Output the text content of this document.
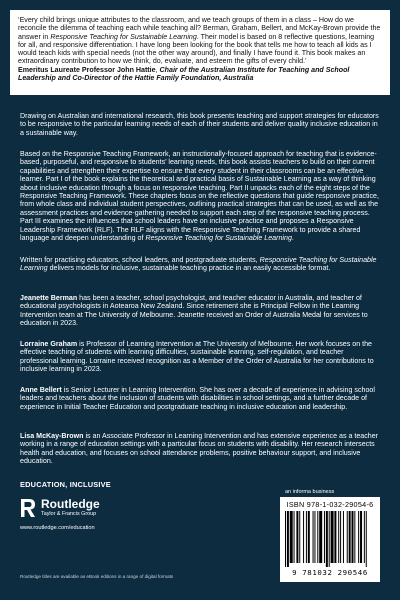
‘Every child brings unique attributes to the classroom, and we teach groups of them in a class – How do we reconcile the dilemma of teaching each while teaching all? Berman, Graham, Bellert, and McKay-Brown provide the answer in Responsive Teaching for Sustainable Learning. Their model is based on 8 reflective questions, learning for all, and responsive differentiation. I have long been looking for the book that tells me how to teach all kids as I would teach kids with special needs (not the other way around), and finally I have found it. This book makes an extraordinary contribution to how we think, do, evaluate, and esteem the gifts of every child.’

Emeritus Laureate Professor John Hattie, Chair of the Australian Institute for Teaching and School Leadership and Co-Director of the Hattie Family Foundation, Australia

Drawing on Australian and international research, this book presents teaching and support strategies for educators to be responsive to the particular learning needs of each of their students and deliver quality inclusive education in a sustainable way.

Based on the Responsive Teaching Framework, an instructionally-focused approach for teaching that is evidence-based, purposeful, and responsive to students’ learning needs, this book assists teachers to build on their current capabilities and strengthen their expertise to ensure that every student in their classrooms can be an effective learner. Part I of the book explains the theoretical and practical basis of Sustainable Learning as a way of thinking about inclusive education through a focus on responsive teaching. Part II unpacks each of the eight steps of the Responsive Teaching Framework. These chapters focus on the reflective questions that guide responsive practice, from whole class and individual student perspectives, outlining practical strategies that can be used, as well as the assessment practices and evidence-gathering needed to support each step of the responsive teaching process. Part III examines the influences that school leaders have on inclusive practice and proposes a Responsive Leadership Framework (RLF). The RLF aligns with the Responsive Teaching Framework to provide a shared language and deepen understanding of Responsive Teaching for Sustainable Learning.

Written for practising educators, school leaders, and postgraduate students, Responsive Teaching for Sustainable Learning delivers models for inclusive, sustainable teaching practice in an easily accessible format.

Jeanette Berman has been a teacher, school psychologist, and teacher educator in Australia, and teacher of educational psychologists in Aotearoa New Zealand. Since retirement she is Principal Fellow in the Learning Intervention team at The University of Melbourne. Jeanette received an Order of Australia Medal for services to education in 2023.

Lorraine Graham is Professor of Learning Intervention at The University of Melbourne. Her work focuses on the effective teaching of students with learning difficulties, sustainable learning, self-regulation, and teacher professional learning. Lorraine received recognition as a Member of the Order of Australia for her contributions to inclusive learning in 2023.

Anne Bellert is Senior Lecturer in Learning Intervention. She has over a decade of experience in advising school leaders and teachers about the inclusion of students with disabilities in school settings, and a further decade of experience in Initial Teacher Education and postgraduate teaching in inclusive education and leadership.

Lisa McKay-Brown is an Associate Professor in Learning Intervention and has extensive experience as a teacher working in a range of education settings with a particular focus on students with disability. Her research intersects health and education, and focuses on school attendance problems, positive behaviour support, and inclusive education.

EDUCATION, INCLUSIVE
Routledge
Taylor & Francis Group
www.routledge.com/education
an informa business
ISBN 978-1-032-29054-6
9 781032 290546
Routledge titles are available as eBook editions in a range of digital formats
